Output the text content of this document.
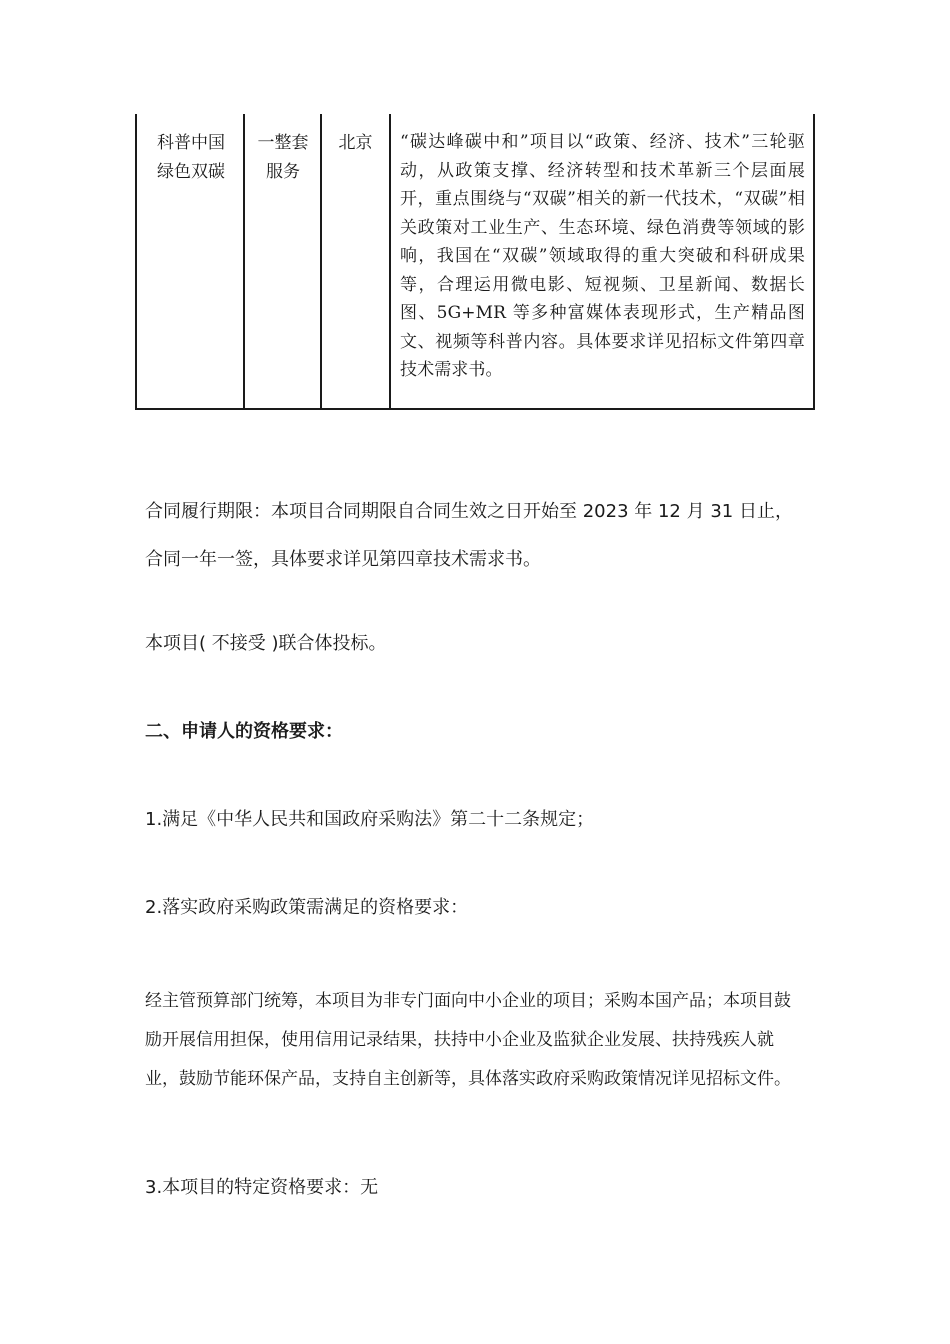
科普中国绿色双碳
一整套服务
北京	“碳达峰碳中和”项目以“政策、经济、技术”三轮驱动，从政策支撑、经济转型和技术革新三个层面展开，重点围绕与“双碳”相关的新一代技术，“双碳”相关政策对工业生产、生态环境、绿色消费等领域的影响，我国在“双碳”领域取得的重大突破和科研成果等，合理运用微电影、短视频、卫星新闻、数据长图、5G+MR 等多种富媒体表现形式，生产精品图文、视频等科普内容。具体要求详见招标文件第四章技术需求书。
合同履行期限：本项目合同期限自合同生效之日开始至 2023 年 12 月 31 日止，合同一年一签，具体要求详见第四章技术需求书。
本项目( 不接受 )联合体投标。
二、申请人的资格要求：
1.满足《中华人民共和国政府采购法》第二十二条规定；
2.落实政府采购政策需满足的资格要求：
经主管预算部门统筹，本项目为非专门面向中小企业的项目；采购本国产品；本项目鼓励开展信用担保，使用信用记录结果，扶持中小企业及监狱企业发展、扶持残疾人就业，鼓励节能环保产品，支持自主创新等，具体落实政府采购政策情况详见招标文件。
3.本项目的特定资格要求：无
